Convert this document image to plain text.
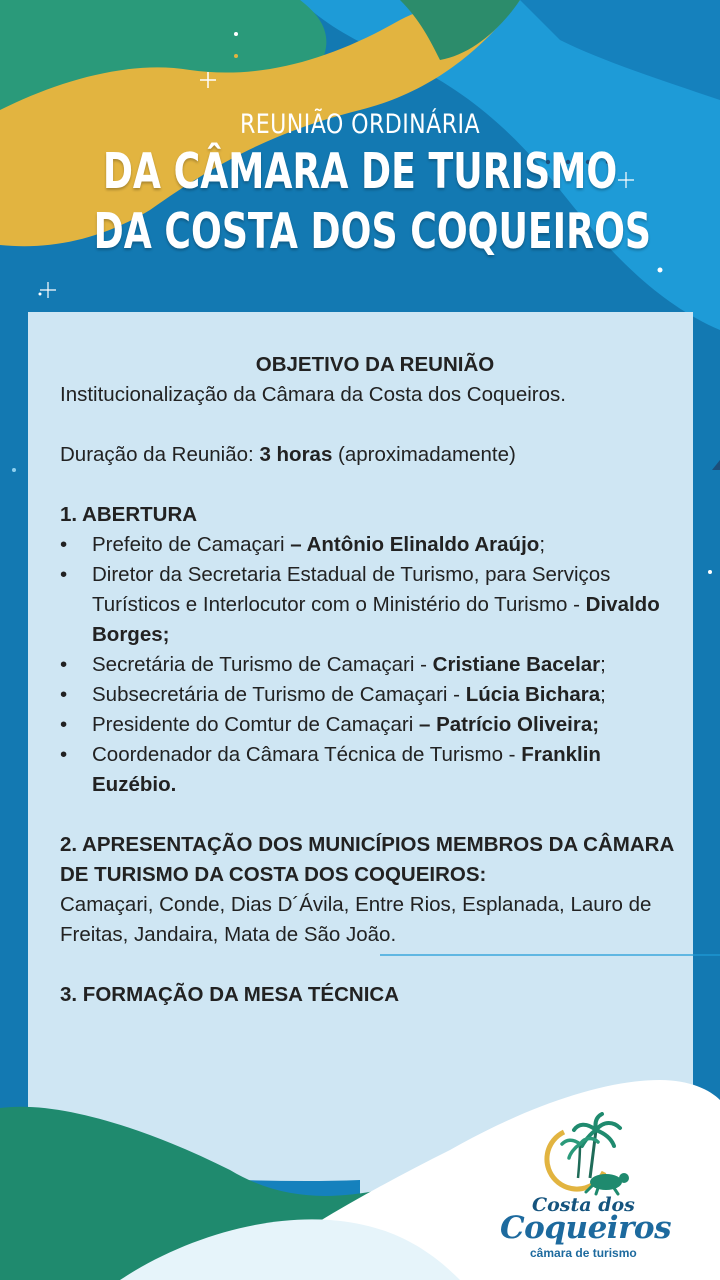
REUNIÃO ORDINÁRIA

DA CÂMARA DE TURISMO

DA COSTA DOS COQUEIROS

OBJETIVO DA REUNIÃO

Institucionalização da Câmara da Costa dos Coqueiros.

Duração da Reunião: 3 horas (aproximadamente)

1. ABERTURA

• Prefeito de Camaçari – Antônio Elinaldo Araújo;
• Diretor da Secretaria Estadual de Turismo, para Serviços Turísticos e Interlocutor com o Ministério do Turismo - Divaldo Borges;
• Secretária de Turismo de Camaçari - Cristiane Bacelar;
• Subsecretária de Turismo de Camaçari - Lúcia Bichara;
• Presidente do Comtur de Camaçari – Patrício Oliveira;
• Coordenador da Câmara Técnica de Turismo - Franklin Euzébio.

2. APRESENTAÇÃO DOS MUNICÍPIOS MEMBROS DA CÂMARA DE TURISMO DA COSTA DOS COQUEIROS:

Camaçari, Conde, Dias D´Ávila, Entre Rios, Esplanada, Lauro de Freitas, Jandaira, Mata de São João.

3. FORMAÇÃO DA MESA TÉCNICA

Costa dos
Coqueiros
câmara de turismo
